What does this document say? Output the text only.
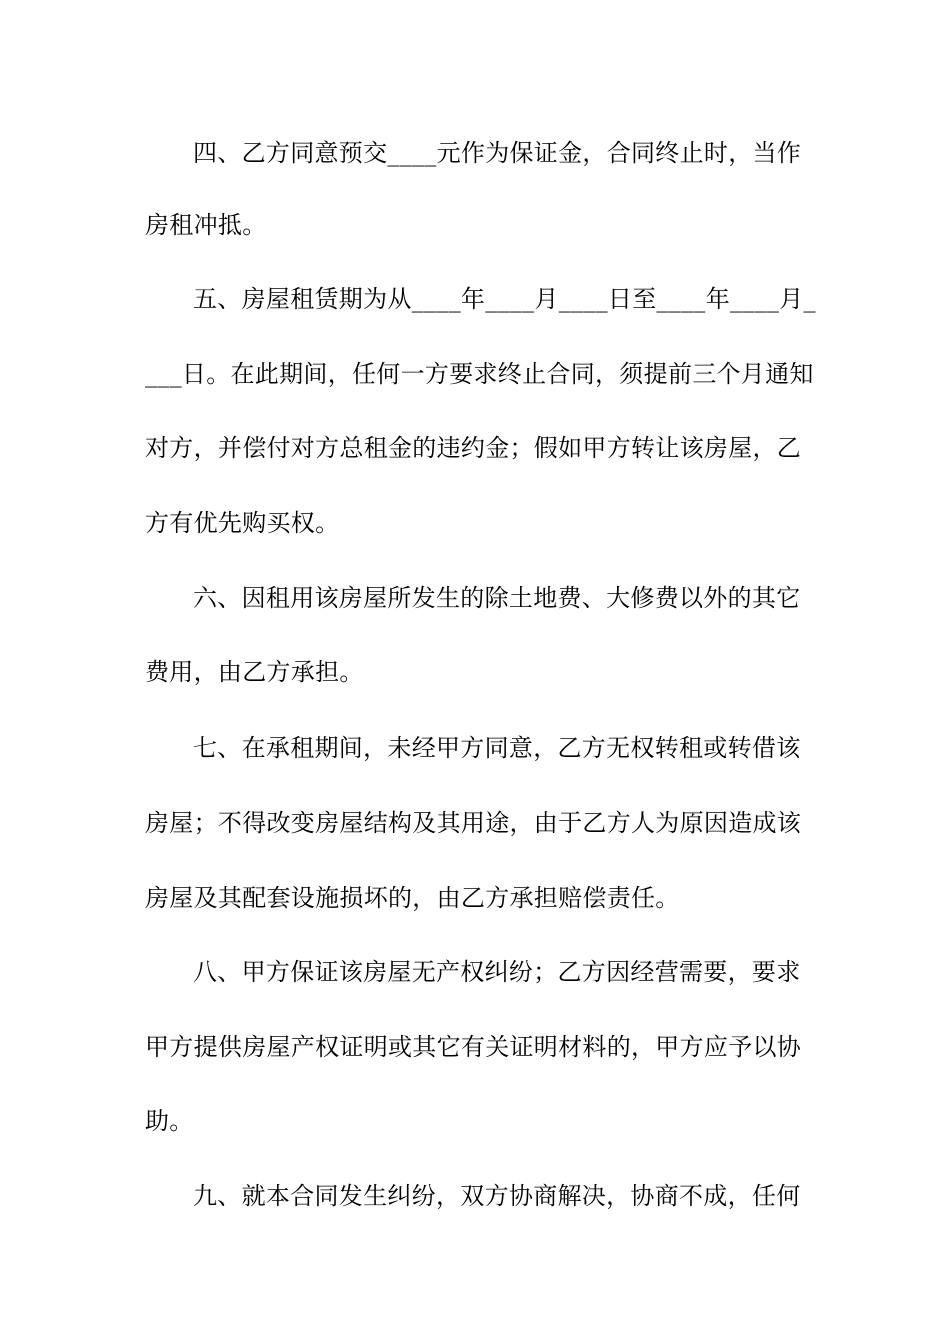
四、乙方同意预交____元作为保证金，合同终止时，当作
房租冲抵。
五、房屋租赁期为从____年____月____日至____年____月_
___日。在此期间，任何一方要求终止合同，须提前三个月通知
对方，并偿付对方总租金的违约金；假如甲方转让该房屋，乙
方有优先购买权。
六、因租用该房屋所发生的除土地费、大修费以外的其它
费用，由乙方承担。
七、在承租期间，未经甲方同意，乙方无权转租或转借该
房屋；不得改变房屋结构及其用途，由于乙方人为原因造成该
房屋及其配套设施损坏的，由乙方承担赔偿责任。
八、甲方保证该房屋无产权纠纷；乙方因经营需要，要求
甲方提供房屋产权证明或其它有关证明材料的，甲方应予以协
助。
九、就本合同发生纠纷，双方协商解决，协商不成，任何
